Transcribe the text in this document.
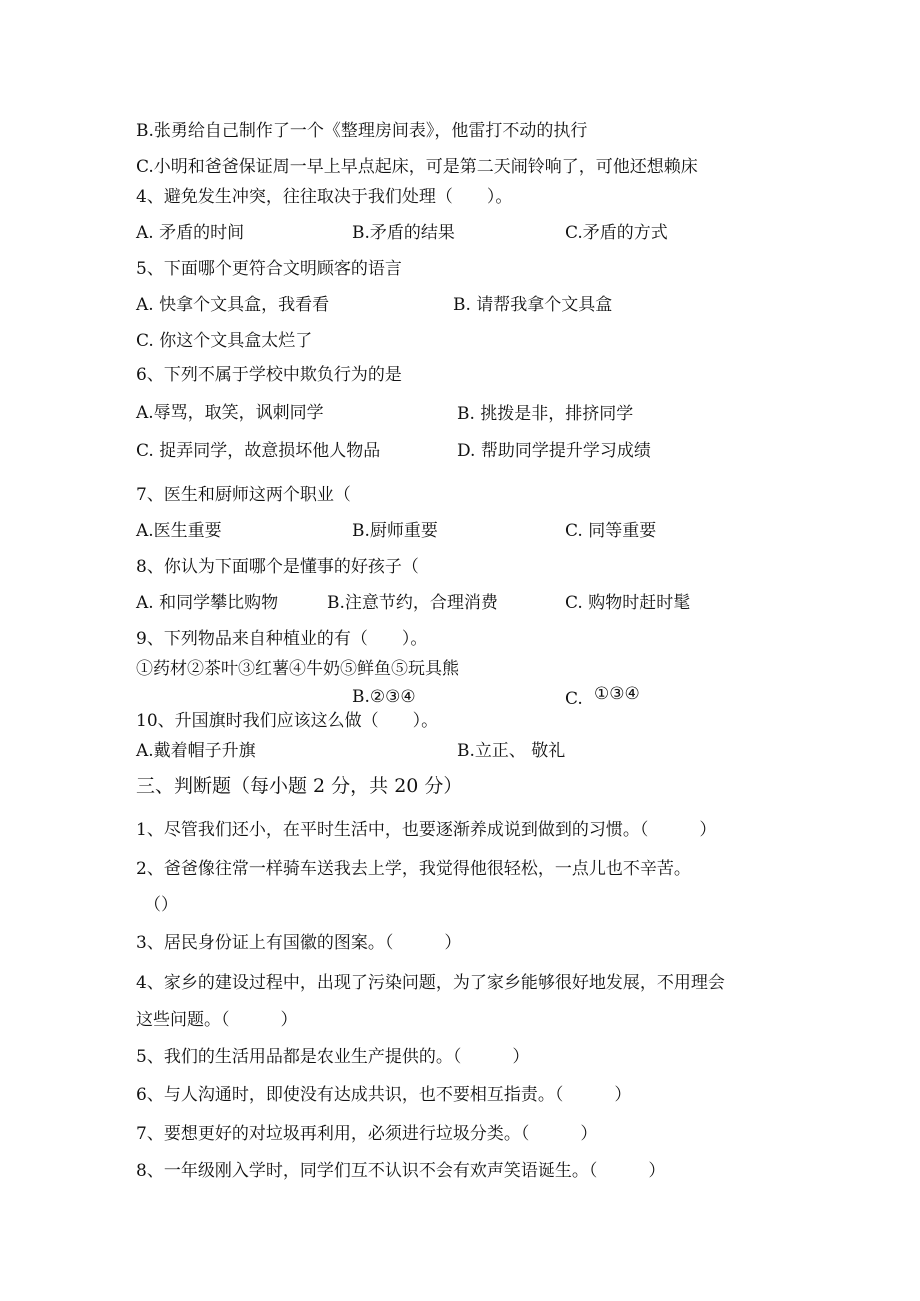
B.张勇给自己制作了一个《整理房间表》，他雷打不动的执行
C.小明和爸爸保证周一早上早点起床，可是第二天闹铃响了，可他还想赖床
4、避免发生冲突，往往取决于我们处理（　　）。
A. 矛盾的时间	B.矛盾的结果	C.矛盾的方式
5、下面哪个更符合文明顾客的语言
A. 快拿个文具盒，我看看	B. 请帮我拿个文具盒
C. 你这个文具盒太烂了
6、下列不属于学校中欺负行为的是
A.辱骂，取笑，讽刺同学	B. 挑拨是非，排挤同学
C. 捉弄同学，故意损坏他人物品	D. 帮助同学提升学习成绩
7、医生和厨师这两个职业（
A.医生重要	B.厨师重要	C. 同等重要
8、你认为下面哪个是懂事的好孩子（
A. 和同学攀比购物	B.注意节约，合理消费	C. 购物时赶时髦
9、下列物品来自种植业的有（　　）。
①药材②茶叶③红薯④牛奶⑤鲜鱼⑤玩具熊
B.②③④	C. ①③④
10、升国旗时我们应该这么做（　　）。
A.戴着帽子升旗	B.立正、 敬礼
三、判断题（每小题 2 分，共 20 分）
1、尽管我们还小，在平时生活中，也要逐渐养成说到做到的习惯。（　　　）
2、爸爸像往常一样骑车送我去上学，我觉得他很轻松，一点儿也不辛苦。
（）
3、居民身份证上有国徽的图案。（　　　）
4、家乡的建设过程中，出现了污染问题，为了家乡能够很好地发展，不用理会
这些问题。（　　　）
5、我们的生活用品都是农业生产提供的。（　　　）
6、与人沟通时，即使没有达成共识，也不要相互指责。（　　　）
7、要想更好的对垃圾再利用，必须进行垃圾分类。（　　　）
8、一年级刚入学时，同学们互不认识不会有欢声笑语诞生。（　　　）
